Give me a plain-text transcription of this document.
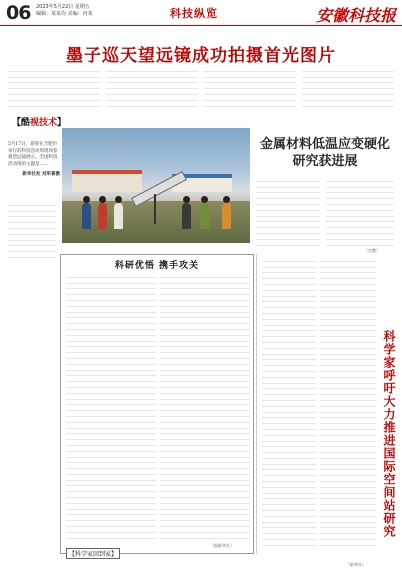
06 2023年5月22日 星期五
编辑：某某均 美编：冉某	科技纵览	安徽科技报
墨子巡天望远镜成功拍摄首光图片
【酷视技术】
5月17日，游客在合肥市举行的科技活动周现场参观望远镜展示。全国科技活动周的主题是……
新华社发 刘军喜摄
金属材料低温应变硬化研究获进展
科研优悟 携手攻关
【科学家回到家】
科学家呼吁大力推进国际空间站研究
（完整）
（据新华社）
（新华社）
